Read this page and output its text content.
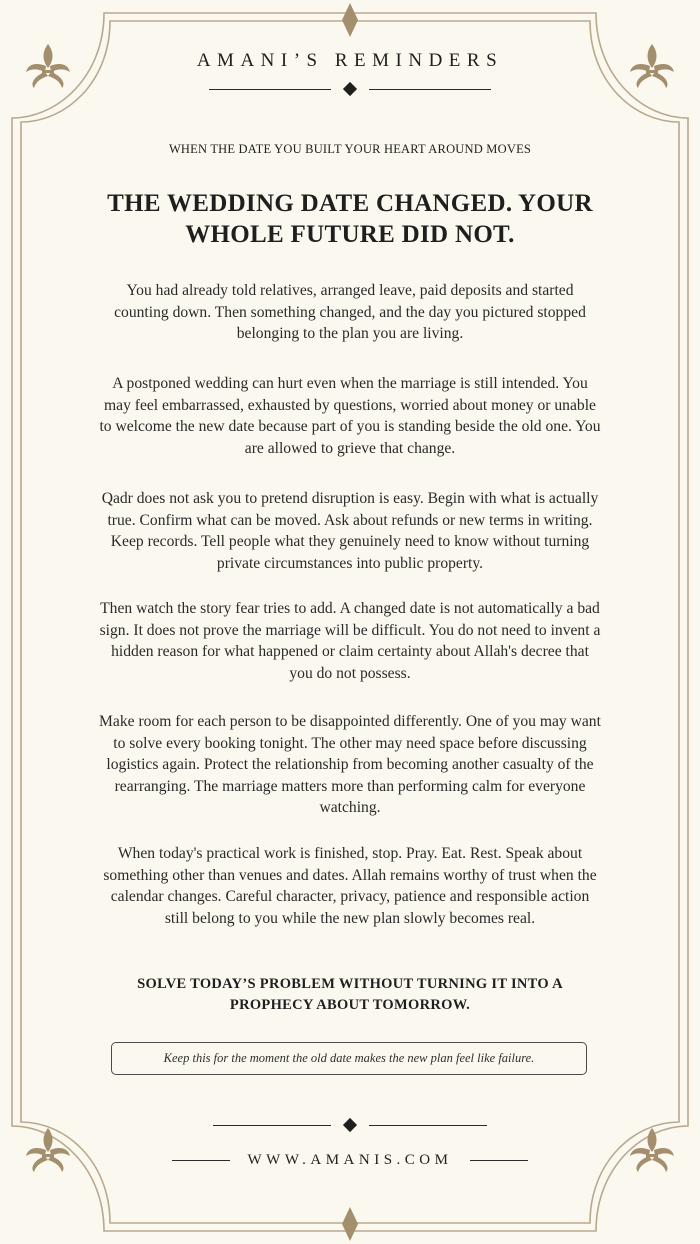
AMANI’S REMINDERS
WHEN THE DATE YOU BUILT YOUR HEART AROUND MOVES
THE WEDDING DATE CHANGED. YOUR WHOLE FUTURE DID NOT.
You had already told relatives, arranged leave, paid deposits and started counting down. Then something changed, and the day you pictured stopped belonging to the plan you are living.
A postponed wedding can hurt even when the marriage is still intended. You may feel embarrassed, exhausted by questions, worried about money or unable to welcome the new date because part of you is standing beside the old one. You are allowed to grieve that change.
Qadr does not ask you to pretend disruption is easy. Begin with what is actually true. Confirm what can be moved. Ask about refunds or new terms in writing. Keep records. Tell people what they genuinely need to know without turning private circumstances into public property.
Then watch the story fear tries to add. A changed date is not automatically a bad sign. It does not prove the marriage will be difficult. You do not need to invent a hidden reason for what happened or claim certainty about Allah's decree that you do not possess.
Make room for each person to be disappointed differently. One of you may want to solve every booking tonight. The other may need space before discussing logistics again. Protect the relationship from becoming another casualty of the rearranging. The marriage matters more than performing calm for everyone watching.
When today's practical work is finished, stop. Pray. Eat. Rest. Speak about something other than venues and dates. Allah remains worthy of trust when the calendar changes. Careful character, privacy, patience and responsible action still belong to you while the new plan slowly becomes real.
SOLVE TODAY’S PROBLEM WITHOUT TURNING IT INTO A PROPHECY ABOUT TOMORROW.
Keep this for the moment the old date makes the new plan feel like failure.
WWW.AMANIS.COM
